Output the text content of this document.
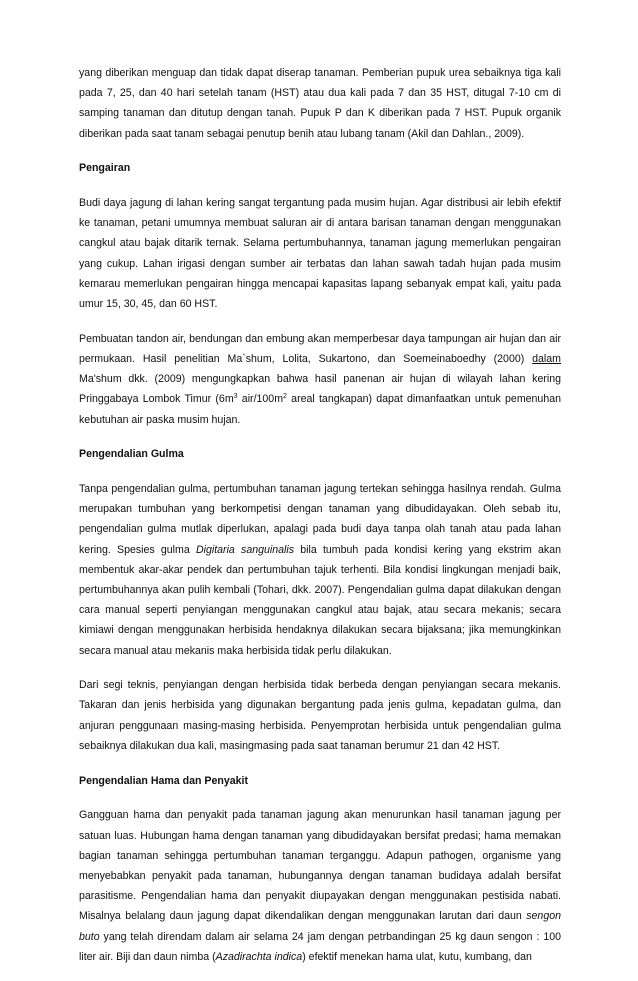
yang diberikan menguap dan tidak dapat diserap tanaman. Pemberian pupuk urea sebaiknya tiga kali pada 7, 25, dan 40 hari setelah tanam (HST) atau dua kali pada 7 dan 35 HST, ditugal 7-10 cm di samping tanaman dan ditutup dengan tanah. Pupuk P dan K diberikan pada 7 HST. Pupuk organik diberikan pada saat tanam sebagai penutup benih atau lubang tanam (Akil dan Dahlan., 2009).

Pengairan

Budi daya jagung di lahan kering sangat tergantung pada musim hujan. Agar distribusi air lebih efektif ke tanaman, petani umumnya membuat saluran air di antara barisan tanaman dengan menggunakan cangkul atau bajak ditarik ternak. Selama pertumbuhannya, tanaman jagung memerlukan pengairan yang cukup. Lahan irigasi dengan sumber air terbatas dan lahan sawah tadah hujan pada musim kemarau memerlukan pengairan hingga mencapai kapasitas lapang sebanyak empat kali, yaitu pada umur 15, 30, 45, dan 60 HST.

Pembuatan tandon air, bendungan dan embung akan memperbesar daya tampungan air hujan dan air permukaan. Hasil penelitian Ma`shum, Lolita, Sukartono, dan Soemeinaboedhy (2000) dalam Ma'shum dkk. (2009) mengungkapkan bahwa hasil panenan air hujan di wilayah lahan kering Pringgabaya Lombok Timur ($6m^3$ air/$100m^2$ areal tangkapan) dapat dimanfaatkan untuk pemenuhan kebutuhan air paska musim hujan.

Pengendalian Gulma

Tanpa pengendalian gulma, pertumbuhan tanaman jagung tertekan sehingga hasilnya rendah. Gulma merupakan tumbuhan yang berkompetisi dengan tanaman yang dibudidayakan. Oleh sebab itu, pengendalian gulma mutlak diperlukan, apalagi pada budi daya tanpa olah tanah atau pada lahan kering. Spesies gulma Digitaria sanguinalis bila tumbuh pada kondisi kering yang ekstrim akan membentuk akar-akar pendek dan pertumbuhan tajuk terhenti. Bila kondisi lingkungan menjadi baik, pertumbuhannya akan pulih kembali (Tohari, dkk. 2007). Pengendalian gulma dapat dilakukan dengan cara manual seperti penyiangan menggunakan cangkul atau bajak, atau secara mekanis; secara kimiawi dengan menggunakan herbisida hendaknya dilakukan secara bijaksana; jika memungkinkan secara manual atau mekanis maka herbisida tidak perlu dilakukan.

Dari segi teknis, penyiangan dengan herbisida tidak berbeda dengan penyiangan secara mekanis. Takaran dan jenis herbisida yang digunakan bergantung pada jenis gulma, kepadatan gulma, dan anjuran penggunaan masing-masing herbisida. Penyemprotan herbisida untuk pengendalian gulma sebaiknya dilakukan dua kali, masingmasing pada saat tanaman berumur 21 dan 42 HST.

Pengendalian Hama dan Penyakit

Gangguan hama dan penyakit pada tanaman jagung akan menurunkan hasil tanaman jagung per satuan luas. Hubungan hama dengan tanaman yang dibudidayakan bersifat predasi; hama memakan bagian tanaman sehingga pertumbuhan tanaman terganggu. Adapun pathogen, organisme yang menyebabkan penyakit pada tanaman, hubungannya dengan tanaman budidaya adalah bersifat parasitisme. Pengendalian hama dan penyakit diupayakan dengan menggunakan pestisida nabati. Misalnya belalang daun jagung dapat dikendalikan dengan menggunakan larutan dari daun sengon buto yang telah direndam dalam air selama 24 jam dengan petrbandingan 25 kg daun sengon : 100 liter air. Biji dan daun nimba (Azadirachta indica) efektif menekan hama ulat, kutu, kumbang, dan
